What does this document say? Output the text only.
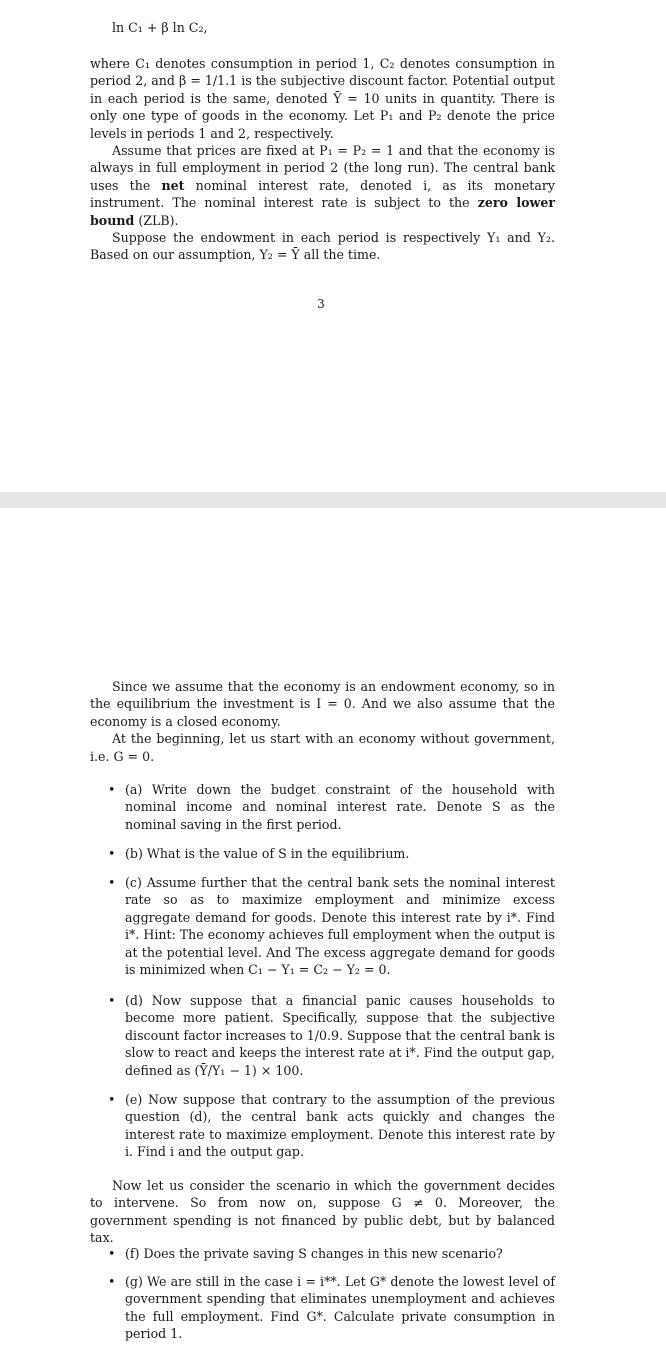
ln C₁ + β ln C₂,

where C₁ denotes consumption in period 1, C₂ denotes consumption in period 2, and β = 1/1.1 is the subjective discount factor. Potential output in each period is the same, denoted Ȳ = 10 units in quantity. There is only one type of goods in the economy. Let P₁ and P₂ denote the price levels in periods 1 and 2, respectively.

Assume that prices are fixed at P₁ = P₂ = 1 and that the economy is always in full employment in period 2 (the long run). The central bank uses the net nominal interest rate, denoted i, as its monetary instrument. The nominal interest rate is subject to the zero lower bound (ZLB).

Suppose the endowment in each period is respectively Y₁ and Y₂. Based on our assumption, Y₂ = Ȳ all the time.

3

Since we assume that the economy is an endowment economy, so in the equilibrium the investment is I = 0. And we also assume that the economy is a closed economy.

At the beginning, let us start with an economy without government, i.e. G = 0.

• (a) Write down the budget constraint of the household with nominal income and nominal interest rate. Denote S as the nominal saving in the first period.
• (b) What is the value of S in the equilibrium.
• (c) Assume further that the central bank sets the nominal interest rate so as to maximize employment and minimize excess aggregate demand for goods. Denote this interest rate by i*. Find i*. Hint: The economy achieves full employment when the output is at the potential level. And The excess aggregate demand for goods is minimized when C₁ − Y₁ = C₂ − Y₂ = 0.
• (d) Now suppose that a financial panic causes households to become more patient. Specifically, suppose that the subjective discount factor increases to 1/0.9. Suppose that the central bank is slow to react and keeps the interest rate at i*. Find the output gap, defined as (Ȳ/Y₁ − 1) × 100.
• (e) Now suppose that contrary to the assumption of the previous question (d), the central bank acts quickly and changes the interest rate to maximize employment. Denote this interest rate by i. Find i and the output gap.

Now let us consider the scenario in which the government decides to intervene. So from now on, suppose G ≠ 0. Moreover, the government spending is not financed by public debt, but by balanced tax.

• (f) Does the private saving S changes in this new scenario?
• (g) We are still in the case i = i**. Let G* denote the lowest level of government spending that eliminates unemployment and achieves the full employment. Find G*. Calculate private consumption in period 1.
